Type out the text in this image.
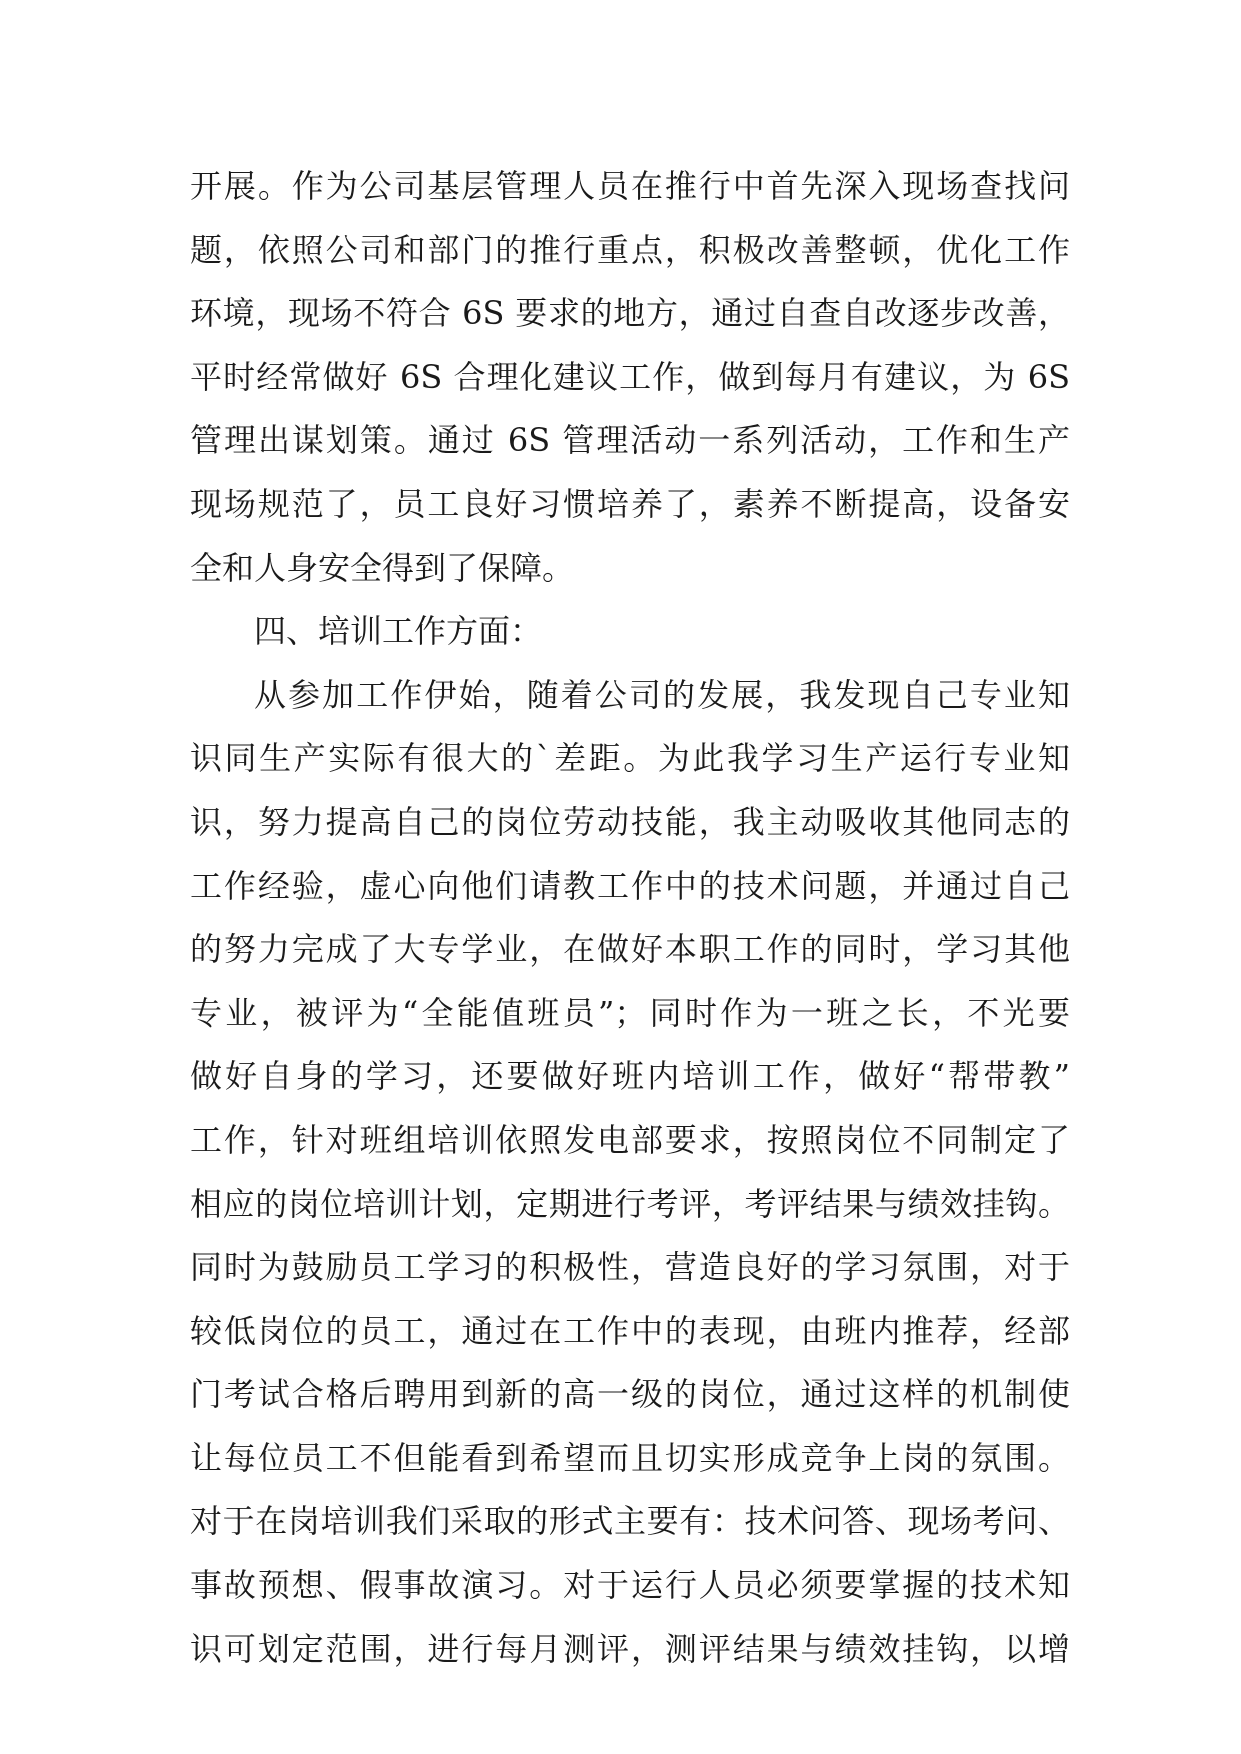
开展。作为公司基层管理人员在推行中首先深入现场查找问
题，依照公司和部门的推行重点，积极改善整顿，优化工作
环境，现场不符合 6S 要求的地方，通过自查自改逐步改善，
平时经常做好 6S 合理化建议工作，做到每月有建议，为 6S
管理出谋划策。通过 6S 管理活动一系列活动，工作和生产
现场规范了，员工良好习惯培养了，素养不断提高，设备安
全和人身安全得到了保障。
四、培训工作方面：
从参加工作伊始，随着公司的发展，我发现自己专业知
识同生产实际有很大的`差距。为此我学习生产运行专业知
识，努力提高自己的岗位劳动技能，我主动吸收其他同志的
工作经验，虚心向他们请教工作中的技术问题，并通过自己
的努力完成了大专学业，在做好本职工作的同时，学习其他
专业，被评为“全能值班员”；同时作为一班之长，不光要
做好自身的学习，还要做好班内培训工作，做好“帮带教”
工作，针对班组培训依照发电部要求，按照岗位不同制定了
相应的岗位培训计划，定期进行考评，考评结果与绩效挂钩。
同时为鼓励员工学习的积极性，营造良好的学习氛围，对于
较低岗位的员工，通过在工作中的表现，由班内推荐，经部
门考试合格后聘用到新的高一级的岗位，通过这样的机制使
让每位员工不但能看到希望而且切实形成竞争上岗的氛围。
对于在岗培训我们采取的形式主要有：技术问答、现场考问、
事故预想、假事故演习。对于运行人员必须要掌握的技术知
识可划定范围，进行每月测评，测评结果与绩效挂钩，以增
